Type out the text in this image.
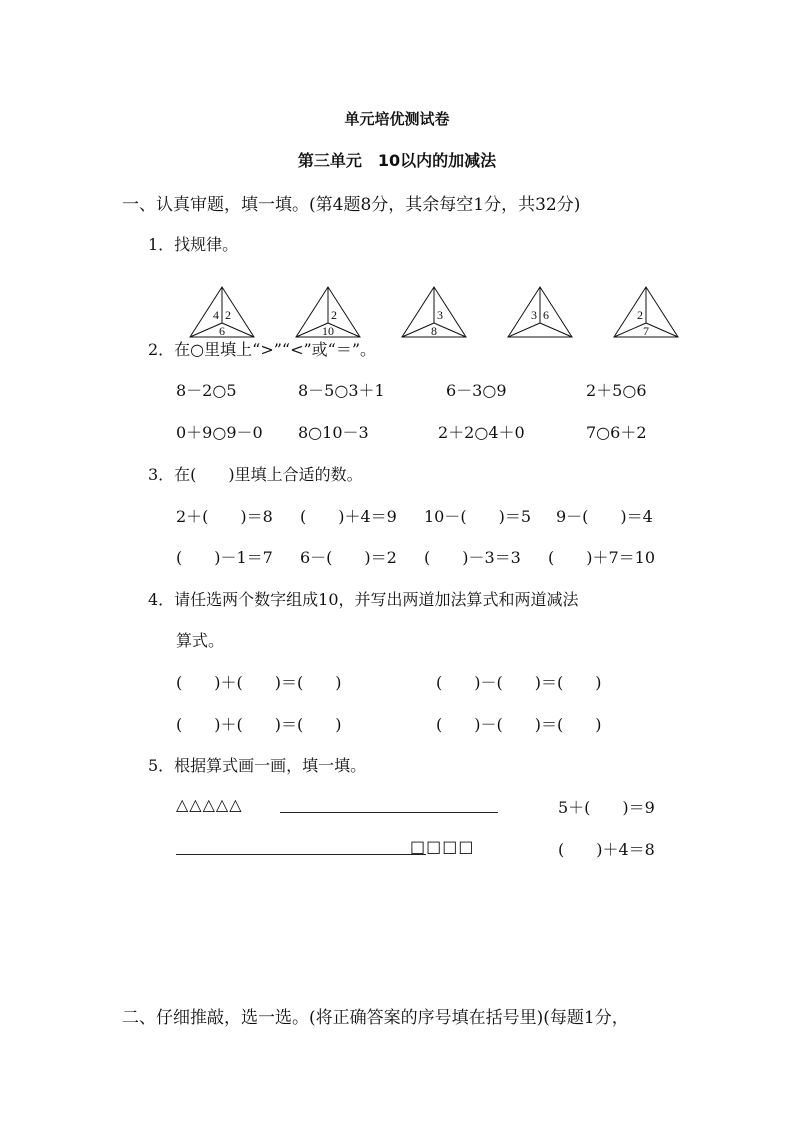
单元培优测试卷
第三单元　10以内的加减法
一、认真审题，填一填。(第4题8分，其余每空1分，共32分)
1．找规律。

4 2
6
2
10
3
8
3 6	2
7

2．在○里填上“>”“<”或“＝”。
8－2○5	8－5○3＋1	6－3○9	2＋5○6
0＋9○9－0 8○10－3	2＋2○4＋0	7○6＋2
3．在(　　)里填上合适的数。
2＋(　　)＝8 (　　)＋4＝9 10－(　　)＝5 9－(　　)＝4
(　　)－1＝7 6－(　　)＝2 (　　)－3＝3 (　　)＋7＝10
4．请任选两个数字组成10，并写出两道加法算式和两道减法
算式。
(　　)＋(　　)＝(　　)	(　　)－(　　)＝(　　)
(　　)＋(　　)＝(　　)	(　　)－(　　)＝(　　)
5．根据算式画一画，填一填。
△△△△△	5＋(　　)＝9
□□□□	(　　)＋4＝8
二、仔细推敲，选一选。(将正确答案的序号填在括号里)(每题1分，
